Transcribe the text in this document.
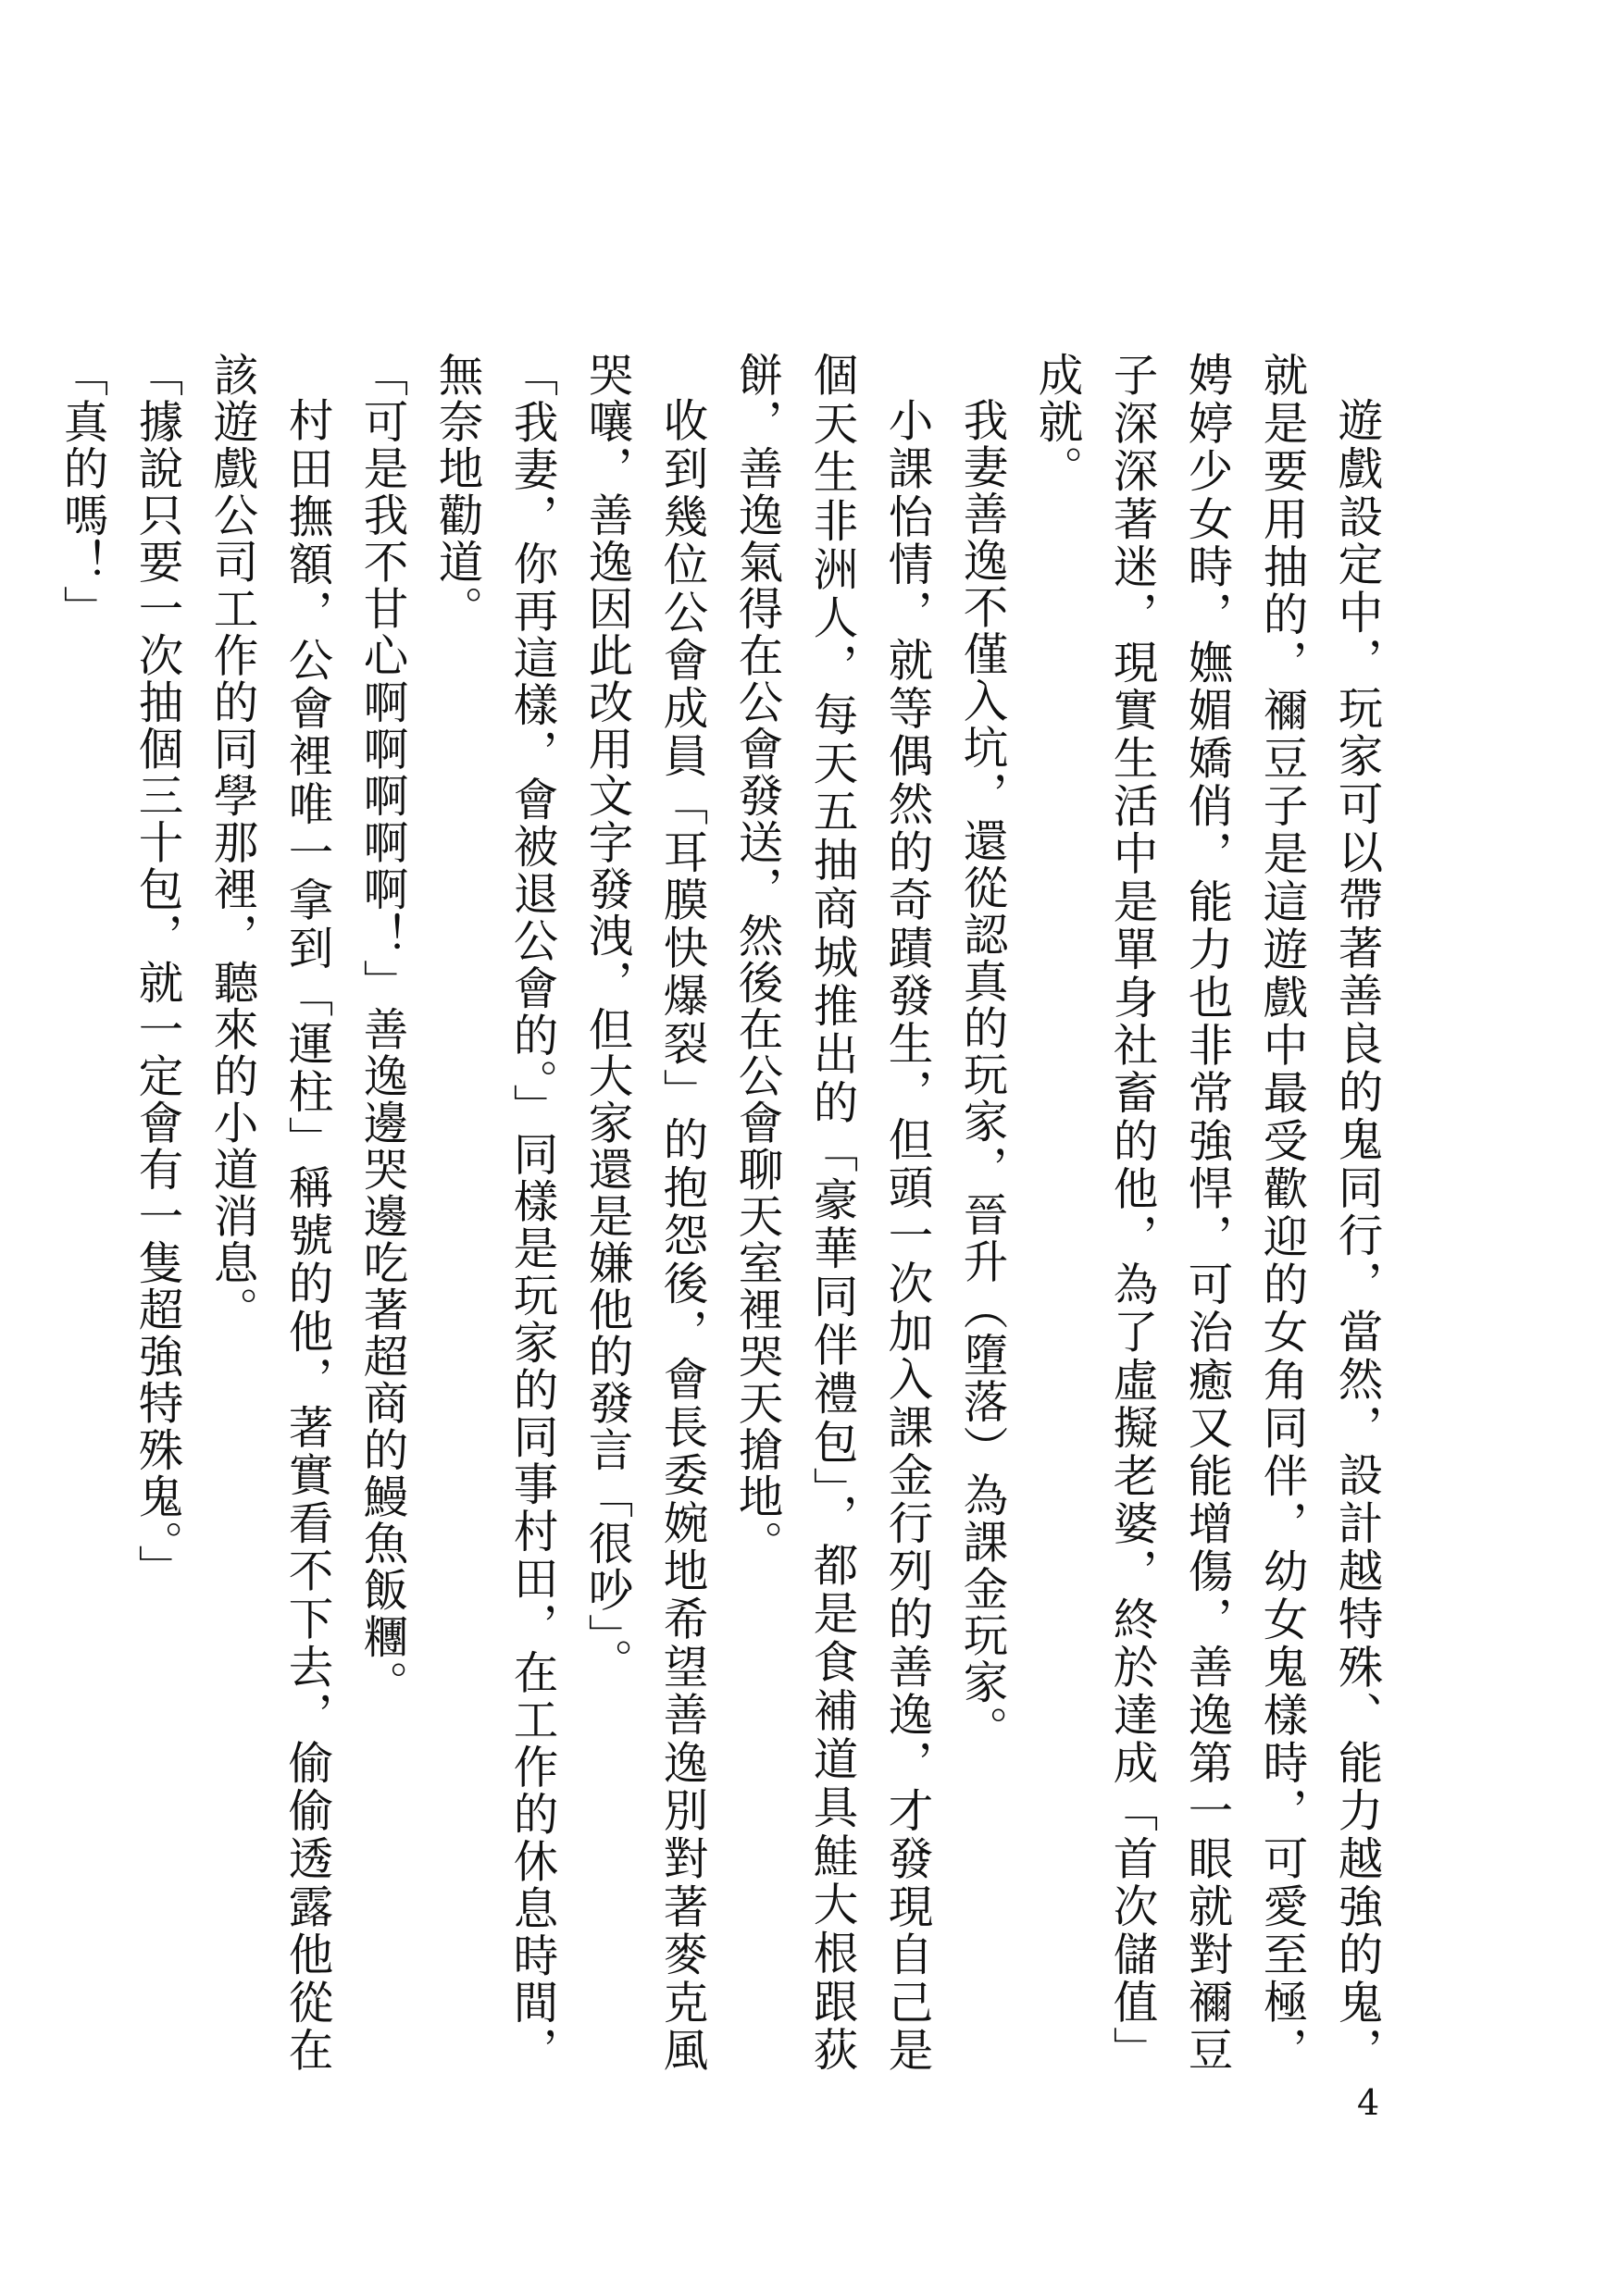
遊戲設定中，玩家可以帶著善良的鬼同行，當然，設計越特殊、能力越強的鬼，就是要用抽的，禰豆子是這遊戲中最受歡迎的女角同伴，幼女鬼樣時，可愛至極，娉婷少女時，嫵媚嬌俏，能力也非常強悍，可治癒又能增傷，善逸第一眼就對禰豆子深深著迷，現實生活中是單身社畜的他，為了虛擬老婆，終於達成「首次儲值」成就。

我妻善逸不僅入坑，還從認真的玩家，晉升（墮落）為課金玩家。

小課怡情，就等偶然的奇蹟發生，但頭一次加入課金行列的善逸，才發現自己是個天生非洲人，每天五抽商城推出的「豪華同伴禮包」，都是食補道具鮭大根跟荻餅，善逸氣得在公會發送，然後在公會聊天室裡哭天搶地。

收到幾位公會成員「耳膜快爆裂」的抱怨後，會長委婉地希望善逸別對著麥克風哭嚷，善逸因此改用文字發洩，但大家還是嫌他的發言「很吵」。

「我妻，你再這樣，會被退公會的。」同樣是玩家的同事村田，在工作的休息時間，無奈地勸道。

「可是我不甘心啊啊啊啊啊！」善逸邊哭邊吃著超商的鰻魚飯糰。

村田撫額，公會裡唯一拿到「運柱」稱號的他，著實看不下去，偷偷透露他從在該遊戲公司工作的同學那裡，聽來的小道消息。

「據說只要一次抽個三十包，就一定會有一隻超強特殊鬼。」

「真的嗎！」

4
